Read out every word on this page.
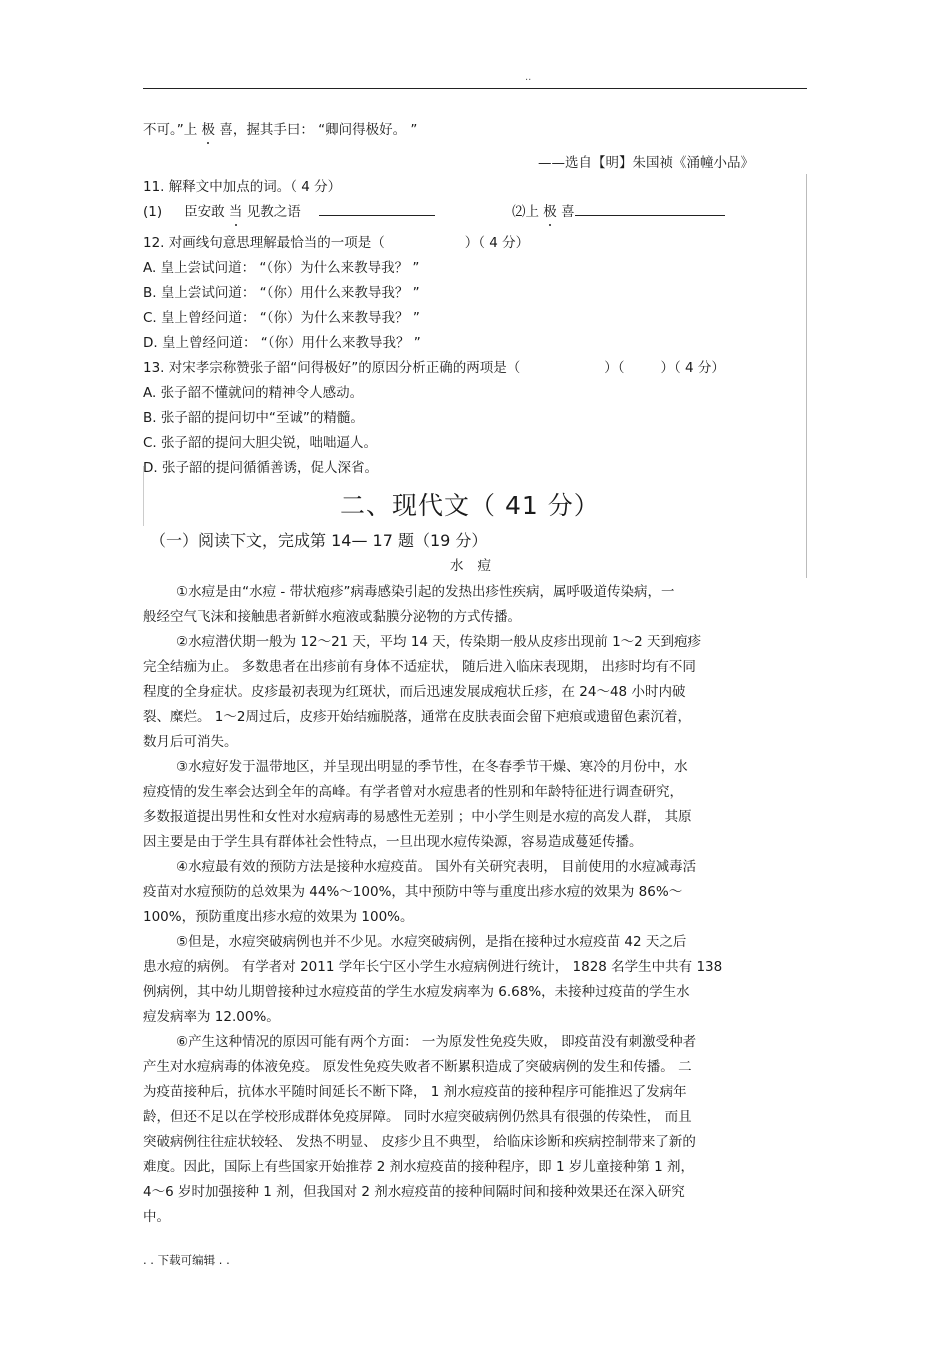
..
不可。”上 极 喜，握其手曰： “卿问得极好。 ”
——选自【明】朱国祯《涌幢小品》
11. 解释文中加点的词。（ 4 分）
(1) 臣安敢 当 见教之语	⑵上 极 喜
12. 对画线句意思理解最恰当的一项是（	）（ 4 分）
A. 皇上尝试问道： “（你）为什么来教导我？ ”
B. 皇上尝试问道： “（你）用什么来教导我？ ”
C. 皇上曾经问道： “（你）为什么来教导我？ ”
D. 皇上曾经问道： “（你）用什么来教导我？ ”
13. 对宋孝宗称赞张子韶“问得极好”的原因分析正确的两项是（	）（	）（ 4 分）
A. 张子韶不懂就问的精神令人感动。
B. 张子韶的提问切中“至诚”的精髓。
C. 张子韶的提问大胆尖锐，咄咄逼人。
D. 张子韶的提问循循善诱，促人深省。
二、现代文（ 41 分）
（一）阅读下文，完成第 14— 17 题（19 分）
水痘
①水痘是由“水痘 - 带状疱疹”病毒感染引起的发热出疹性疾病，属呼吸道传染病，一
般经空气飞沫和接触患者新鲜水疱液或黏膜分泌物的方式传播。
②水痘潜伏期一般为 12～21 天，平均 14 天，传染期一般从皮疹出现前 1～2 天到疱疹
完全结痂为止。 多数患者在出疹前有身体不适症状， 随后进入临床表现期， 出疹时均有不同
程度的全身症状。皮疹最初表现为红斑状，而后迅速发展成疱状丘疹，在 24～48 小时内破
裂、糜烂。 1～2周过后，皮疹开始结痂脱落，通常在皮肤表面会留下疤痕或遗留色素沉着，
数月后可消失。
③水痘好发于温带地区，并呈现出明显的季节性，在冬春季节干燥、寒冷的月份中，水
痘疫情的发生率会达到全年的高峰。有学者曾对水痘患者的性别和年龄特征进行调查研究，
多数报道提出男性和女性对水痘病毒的易感性无差别 ；中小学生则是水痘的高发人群， 其原
因主要是由于学生具有群体社会性特点，一旦出现水痘传染源，容易造成蔓延传播。
④水痘最有效的预防方法是接种水痘疫苗。 国外有关研究表明， 目前使用的水痘减毒活
疫苗对水痘预防的总效果为 44%～100%，其中预防中等与重度出疹水痘的效果为 86%～
100%，预防重度出疹水痘的效果为 100%。
⑤但是，水痘突破病例也并不少见。水痘突破病例，是指在接种过水痘疫苗 42 天之后
患水痘的病例。 有学者对 2011 学年长宁区小学生水痘病例进行统计， 1828 名学生中共有 138
例病例，其中幼儿期曾接种过水痘疫苗的学生水痘发病率为 6.68%，未接种过疫苗的学生水
痘发病率为 12.00%。
⑥产生这种情况的原因可能有两个方面： 一为原发性免疫失败， 即疫苗没有刺激受种者
产生对水痘病毒的体液免疫。 原发性免疫失败者不断累积造成了突破病例的发生和传播。 二
为疫苗接种后，抗体水平随时间延长不断下降， 1 剂水痘疫苗的接种程序可能推迟了发病年
龄，但还不足以在学校形成群体免疫屏障。 同时水痘突破病例仍然具有很强的传染性， 而且
突破病例往往症状较轻、 发热不明显、 皮疹少且不典型， 给临床诊断和疾病控制带来了新的
难度。因此，国际上有些国家开始推荐 2 剂水痘疫苗的接种程序，即 1 岁儿童接种第 1 剂，
4～6 岁时加强接种 1 剂，但我国对 2 剂水痘疫苗的接种间隔时间和接种效果还在深入研究
中。
. . 下载可编辑 . .
